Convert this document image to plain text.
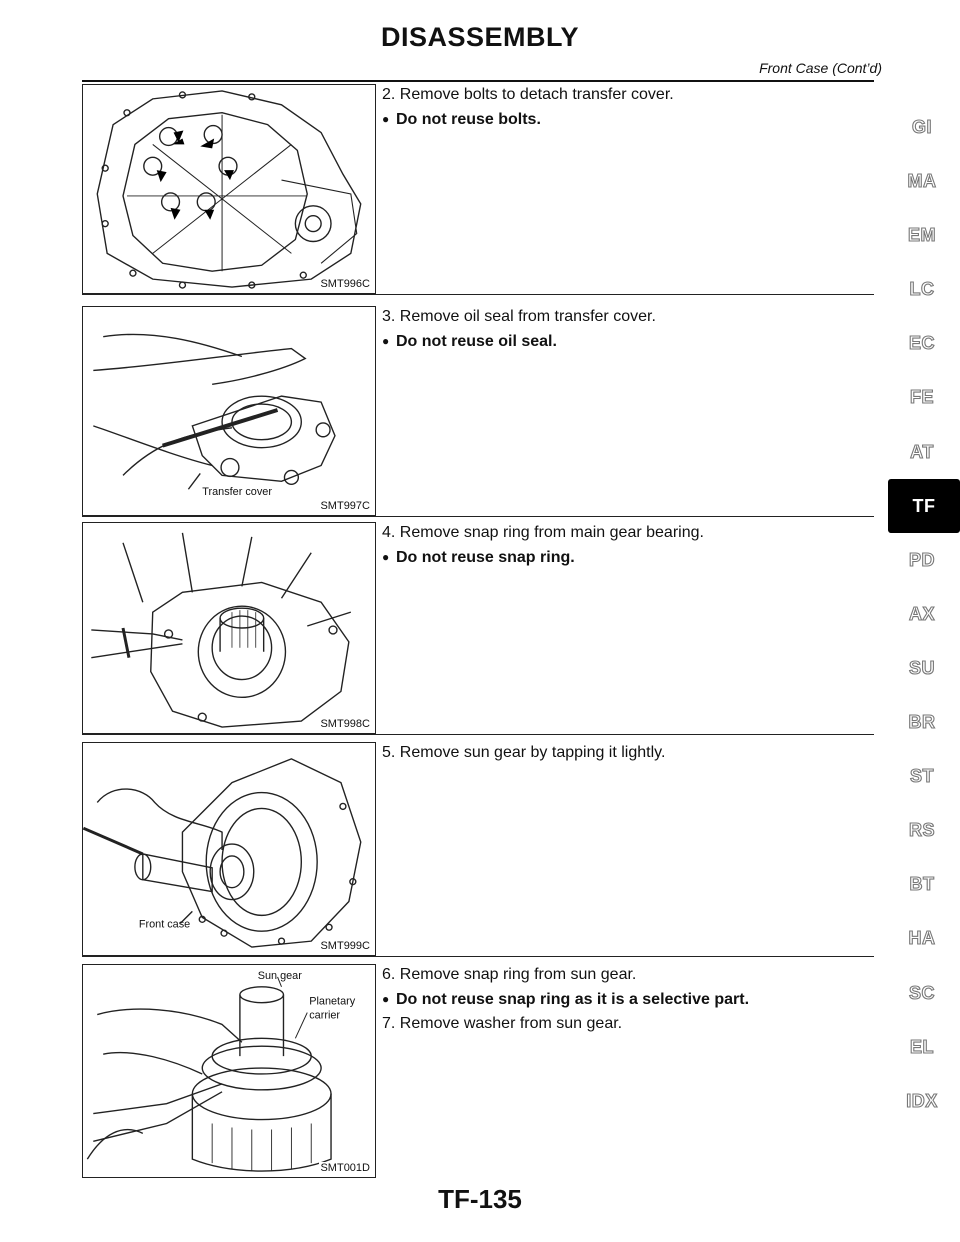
DISASSEMBLY
Front Case (Cont’d)
SMT996C

2. Remove bolts to detach transfer cover.

● Do not reuse bolts.

Transfer cover
SMT997C

3. Remove oil seal from transfer cover.

● Do not reuse oil seal.

SMT998C

4. Remove snap ring from main gear bearing.

● Do not reuse snap ring.

Front case
SMT999C

5. Remove sun gear by tapping it lightly.

Sun gear
Planetary
carrier
SMT001D

6. Remove snap ring from sun gear.

● Do not reuse snap ring as it is a selective part.

7. Remove washer from sun gear.

GI
MA
EM
LC
EC
FE
AT
TF
PD
AX
SU
BR
ST
RS
BT
HA
SC
EL
IDX
TF-135
